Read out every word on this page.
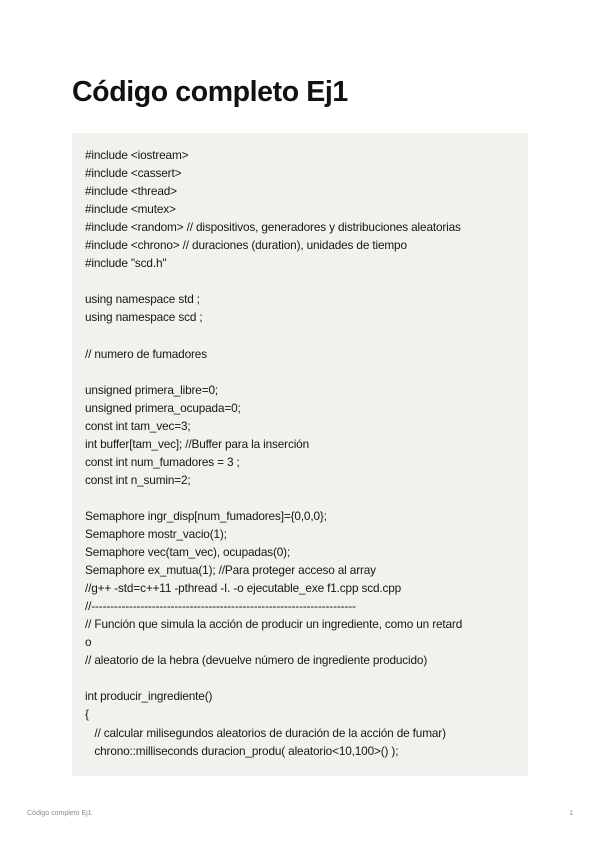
Código completo Ej1
#include <iostream>
#include <cassert>
#include <thread>
#include <mutex>
#include <random> // dispositivos, generadores y distribuciones aleatorias
#include <chrono> // duraciones (duration), unidades de tiempo
#include "scd.h"
using namespace std ;
using namespace scd ;
// numero de fumadores
unsigned primera_libre=0;
unsigned primera_ocupada=0;
const int tam_vec=3;
int buffer[tam_vec]; //Buffer para la inserción
const int num_fumadores = 3 ;
const int n_sumin=2;
Semaphore ingr_disp[num_fumadores]={0,0,0};
Semaphore mostr_vacio(1);
Semaphore vec(tam_vec), ocupadas(0);
Semaphore ex_mutua(1); //Para proteger acceso al array
//g++ -std=c++11 -pthread -I. -o ejecutable_exe f1.cpp scd.cpp
//----------------------------------------------------------------------
// Función que simula la acción de producir un ingrediente, como un retard
o
// aleatorio de la hebra (devuelve número de ingrediente producido)
int producir_ingrediente()
{
// calcular milisegundos aleatorios de duración de la acción de fumar)
chrono::milliseconds duracion_produ( aleatorio<10,100>() );
Código completo Ej1	1
